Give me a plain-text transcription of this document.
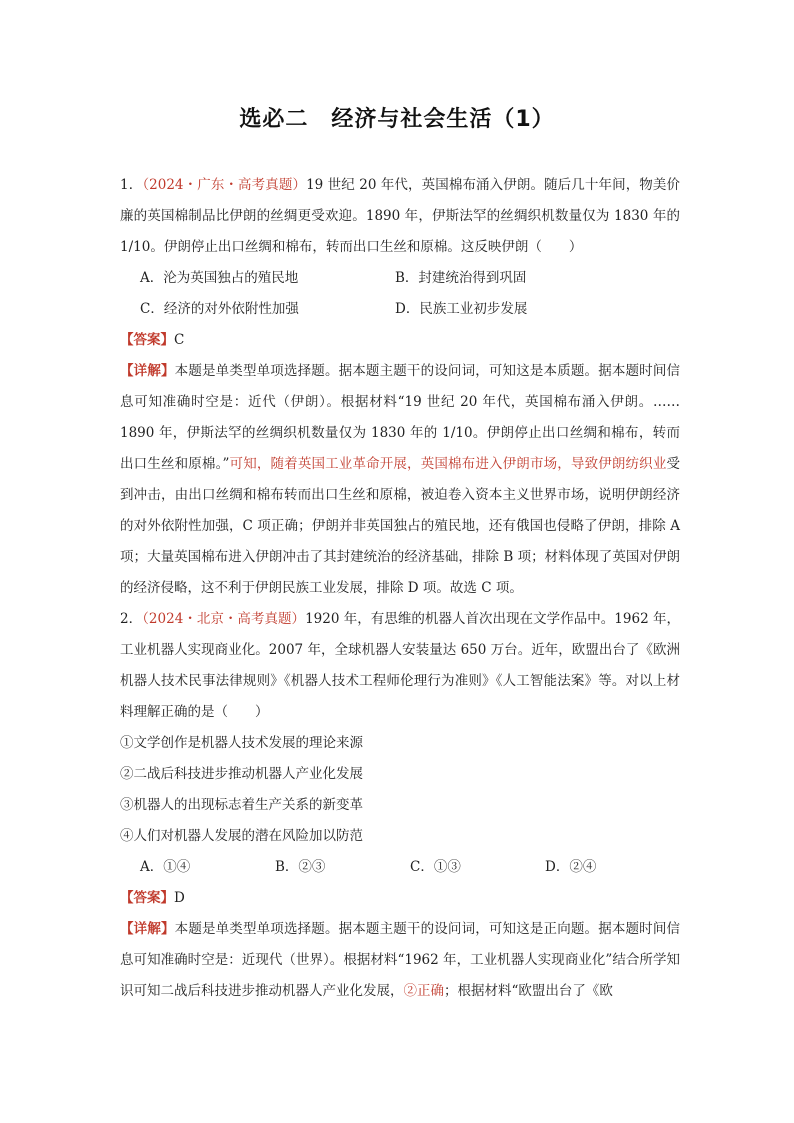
选必二　经济与社会生活（1）

1．（2024・广东・高考真题）19 世纪 20 年代，英国棉布涌入伊朗。随后几十年间，物美价廉的英国棉制品比伊朗的丝绸更受欢迎。1890 年，伊斯法罕的丝绸织机数量仅为 1830 年的 1/10。伊朗停止出口丝绸和棉布，转而出口生丝和原棉。这反映伊朗（　　）

A．沦为英国独占的殖民地	B．封建统治得到巩固
C．经济的对外依附性加强	D．民族工业初步发展

【答案】C

【详解】本题是单类型单项选择题。据本题主题干的设问词，可知这是本质题。据本题时间信息可知准确时空是：近代（伊朗）。根据材料“19 世纪 20 年代，英国棉布涌入伊朗。……1890 年，伊斯法罕的丝绸织机数量仅为 1830 年的 1/10。伊朗停止出口丝绸和棉布，转而出口生丝和原棉。”可知，随着英国工业革命开展，英国棉布进入伊朗市场，导致伊朗纺织业受到冲击，由出口丝绸和棉布转而出口生丝和原棉，被迫卷入资本主义世界市场，说明伊朗经济的对外依附性加强，C 项正确；伊朗并非英国独占的殖民地，还有俄国也侵略了伊朗，排除 A 项；大量英国棉布进入伊朗冲击了其封建统治的经济基础，排除 B 项；材料体现了英国对伊朗的经济侵略，这不利于伊朗民族工业发展，排除 D 项。故选 C 项。

2．（2024・北京・高考真题）1920 年，有思维的机器人首次出现在文学作品中。1962 年，工业机器人实现商业化。2007 年，全球机器人安装量达 650 万台。近年，欧盟出台了《欧洲机器人技术民事法律规则》《机器人技术工程师伦理行为准则》《人工智能法案》等。对以上材料理解正确的是（　　）

①文学创作是机器人技术发展的理论来源

②二战后科技进步推动机器人产业化发展

③机器人的出现标志着生产关系的新变革

④人们对机器人发展的潜在风险加以防范

A．①④	B．②③	C．①③	D．②④

【答案】D

【详解】本题是单类型单项选择题。据本题主题干的设问词，可知这是正向题。据本题时间信息可知准确时空是：近现代（世界）。根据材料“1962 年，工业机器人实现商业化”结合所学知识可知二战后科技进步推动机器人产业化发展，②正确；根据材料“欧盟出台了《欧
